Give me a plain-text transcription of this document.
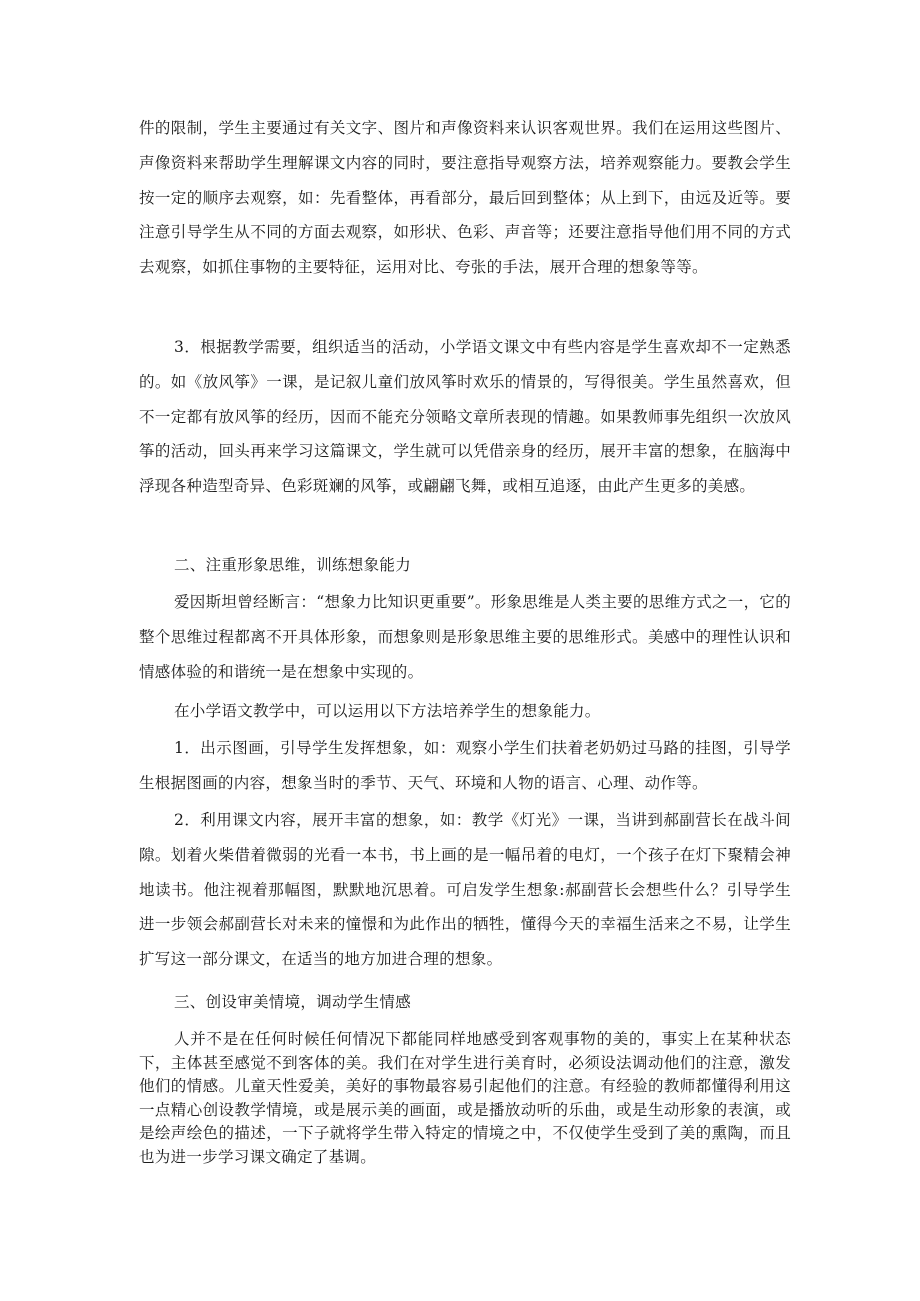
件的限制，学生主要通过有关文字、图片和声像资料来认识客观世界。我们在运用这些图片、声像资料来帮助学生理解课文内容的同时，要注意指导观察方法，培养观察能力。要教会学生按一定的顺序去观察，如：先看整体，再看部分，最后回到整体；从上到下，由远及近等。要注意引导学生从不同的方面去观察，如形状、色彩、声音等；还要注意指导他们用不同的方式去观察，如抓住事物的主要特征，运用对比、夸张的手法，展开合理的想象等等。

3．根据教学需要，组织适当的活动，小学语文课文中有些内容是学生喜欢却不一定熟悉的。如《放风筝》一课，是记叙儿童们放风筝时欢乐的情景的，写得很美。学生虽然喜欢，但不一定都有放风筝的经历，因而不能充分领略文章所表现的情趣。如果教师事先组织一次放风筝的活动，回头再来学习这篇课文，学生就可以凭借亲身的经历，展开丰富的想象，在脑海中浮现各种造型奇异、色彩斑斓的风筝，或翩翩飞舞，或相互追逐，由此产生更多的美感。

二、注重形象思维，训练想象能力

爱因斯坦曾经断言：“想象力比知识更重要”。形象思维是人类主要的思维方式之一，它的整个思维过程都离不开具体形象，而想象则是形象思维主要的思维形式。美感中的理性认识和情感体验的和谐统一是在想象中实现的。

在小学语文教学中，可以运用以下方法培养学生的想象能力。

1．出示图画，引导学生发挥想象，如：观察小学生们扶着老奶奶过马路的挂图，引导学生根据图画的内容，想象当时的季节、天气、环境和人物的语言、心理、动作等。

2．利用课文内容，展开丰富的想象，如：教学《灯光》一课，当讲到郝副营长在战斗间隙。划着火柴借着微弱的光看一本书，书上画的是一幅吊着的电灯，一个孩子在灯下聚精会神地读书。他注视着那幅图，默默地沉思着。可启发学生想象:郝副营长会想些什么？引导学生进一步领会郝副营长对未来的憧憬和为此作出的牺牲，懂得今天的幸福生活来之不易，让学生扩写这一部分课文，在适当的地方加进合理的想象。

三、创设审美情境，调动学生情感

人并不是在任何时候任何情况下都能同样地感受到客观事物的美的，事实上在某种状态下，主体甚至感觉不到客体的美。我们在对学生进行美育时，必须设法调动他们的注意，激发他们的情感。儿童天性爱美，美好的事物最容易引起他们的注意。有经验的教师都懂得利用这一点精心创设教学情境，或是展示美的画面，或是播放动听的乐曲，或是生动形象的表演，或是绘声绘色的描述，一下子就将学生带入特定的情境之中，不仅使学生受到了美的熏陶，而且也为进一步学习课文确定了基调。
